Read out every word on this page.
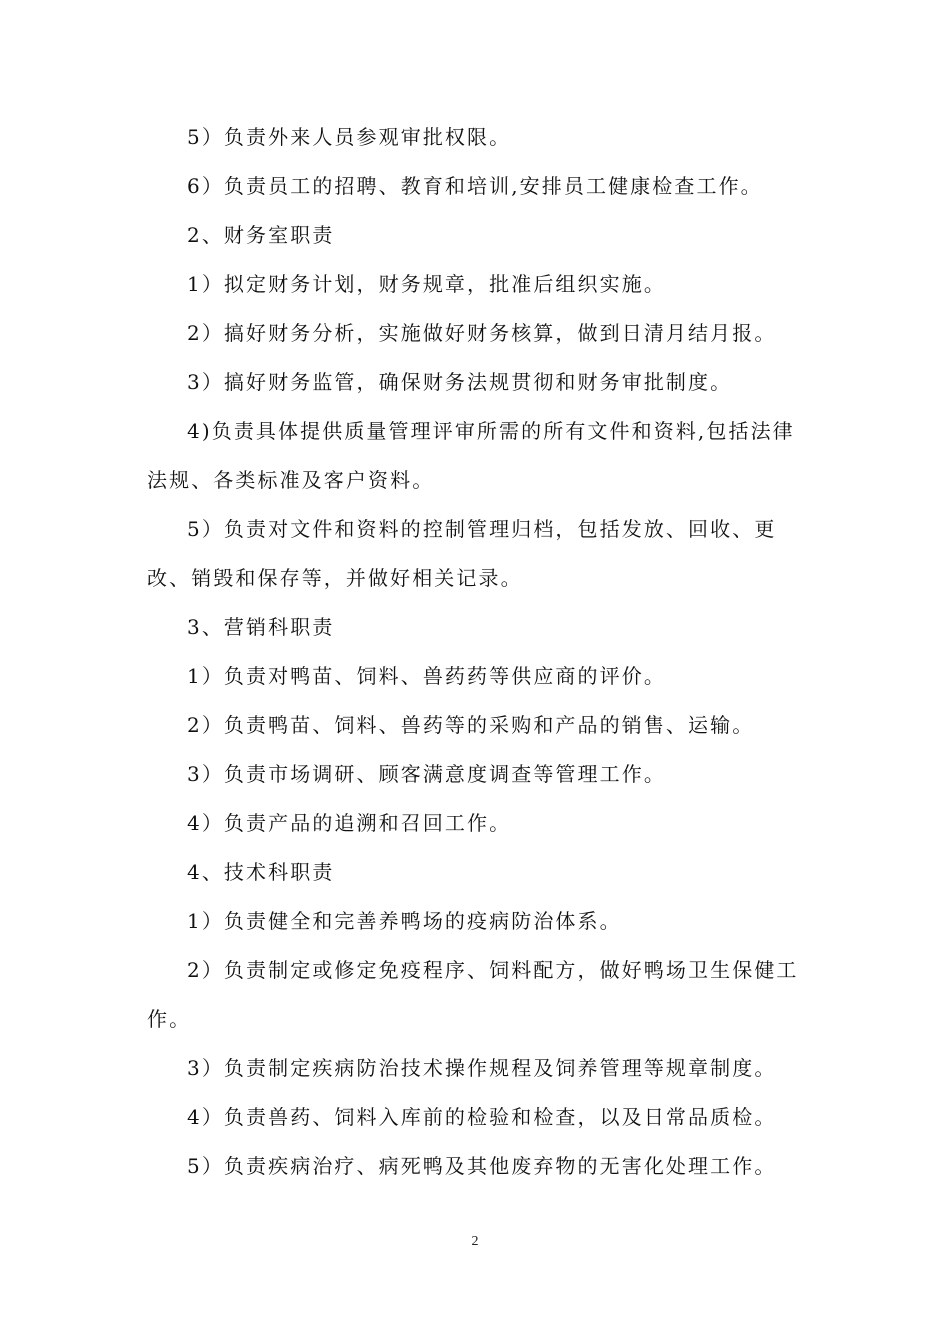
5）负责外来人员参观审批权限。

6）负责员工的招聘、教育和培训,安排员工健康检查工作。

2、财务室职责

1）拟定财务计划，财务规章，批准后组织实施。

2）搞好财务分析，实施做好财务核算，做到日清月结月报。

3）搞好财务监管，确保财务法规贯彻和财务审批制度。

4)负责具体提供质量管理评审所需的所有文件和资料,包括法律法规、各类标准及客户资料。

5）负责对文件和资料的控制管理归档，包括发放、回收、更改、销毁和保存等，并做好相关记录。

3、营销科职责

1）负责对鸭苗、饲料、兽药药等供应商的评价。

2）负责鸭苗、饲料、兽药等的采购和产品的销售、运输。

3）负责市场调研、顾客满意度调查等管理工作。

4）负责产品的追溯和召回工作。

4、技术科职责

1）负责健全和完善养鸭场的疫病防治体系。

2）负责制定或修定免疫程序、饲料配方，做好鸭场卫生保健工作。

3）负责制定疾病防治技术操作规程及饲养管理等规章制度。

4）负责兽药、饲料入库前的检验和检查，以及日常品质检。

5）负责疾病治疗、病死鸭及其他废弃物的无害化处理工作。

2
